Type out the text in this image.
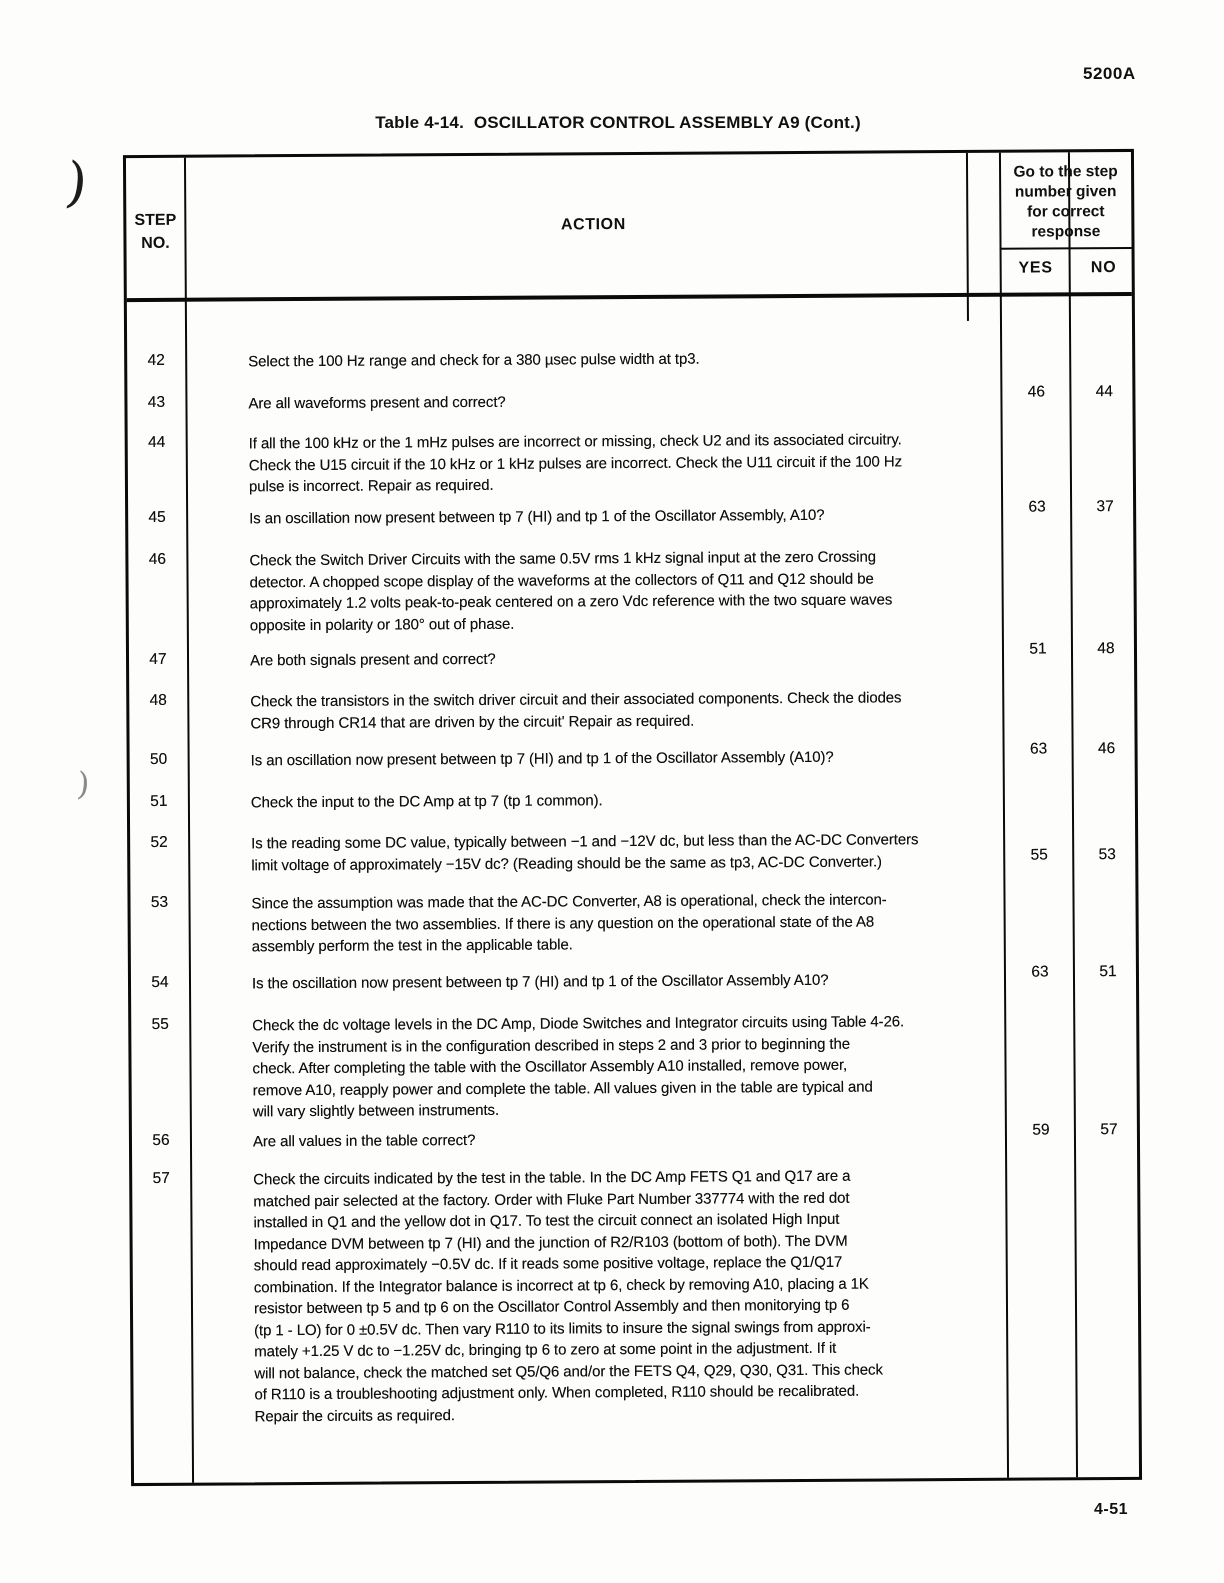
5200A
Table 4-14.  OSCILLATOR CONTROL ASSEMBLY A9 (Cont.)
)
)
STEP
NO.
ACTION
Go to the step
number given
for correct
response
YES	NO
42	Select the 100 Hz range and check for a 380 µsec pulse width at tp3.
43	Are all waveforms present and correct?
46	44
44	If all the 100 kHz or the 1 mHz pulses are incorrect or missing, check U2 and its associated circuitry.
Check the U15 circuit if the 10 kHz or 1 kHz pulses are incorrect. Check the U11 circuit if the 100 Hz
pulse is incorrect. Repair as required.
45	Is an oscillation now present between tp 7 (HI) and tp 1 of the Oscillator Assembly, A10?	63	37
46	Check the Switch Driver Circuits with the same 0.5V rms 1 kHz signal input at the zero Crossing
detector. A chopped scope display of the waveforms at the collectors of Q11 and Q12 should be
approximately 1.2 volts peak-to-peak centered on a zero Vdc reference with the two square waves
opposite in polarity or 180° out of phase.
47	Are both signals present and correct?
51	48
48	Check the transistors in the switch driver circuit and their associated components. Check the diodes
CR9 through CR14 that are driven by the circuit' Repair as required.
50	Is an oscillation now present between tp 7 (HI) and tp 1 of the Oscillator Assembly (A10)?	63	46
51	Check the input to the DC Amp at tp 7 (tp 1 common).
52	Is the reading some DC value, typically between −1 and −12V dc, but less than the AC-DC Converters
limit voltage of approximately −15V dc? (Reading should be the same as tp3, AC-DC Converter.)	55	53
53	Since the assumption was made that the AC-DC Converter, A8 is operational, check the intercon-
nections between the two assemblies. If there is any question on the operational state of the A8
assembly perform the test in the applicable table.
54	Is the oscillation now present between tp 7 (HI) and tp 1 of the Oscillator Assembly A10?	63	51
55	Check the dc voltage levels in the DC Amp, Diode Switches and Integrator circuits using Table 4-26.
Verify the instrument is in the configuration described in steps 2 and 3 prior to beginning the
check. After completing the table with the Oscillator Assembly A10 installed, remove power,
remove A10, reapply power and complete the table. All values given in the table are typical and
will vary slightly between instruments.
56	Are all values in the table correct?
59	57
57	Check the circuits indicated by the test in the table. In the DC Amp FETS Q1 and Q17 are a
matched pair selected at the factory. Order with Fluke Part Number 337774 with the red dot
installed in Q1 and the yellow dot in Q17. To test the circuit connect an isolated High Input
Impedance DVM between tp 7 (HI) and the junction of R2/R103 (bottom of both). The DVM
should read approximately −0.5V dc. If it reads some positive voltage, replace the Q1/Q17
combination. If the Integrator balance is incorrect at tp 6, check by removing A10, placing a 1K
resistor between tp 5 and tp 6 on the Oscillator Control Assembly and then monitorying tp 6
(tp 1 - LO) for 0 ±0.5V dc. Then vary R110 to its limits to insure the signal swings from approxi-
mately +1.25 V dc to −1.25V dc, bringing tp 6 to zero at some point in the adjustment. If it
will not balance, check the matched set Q5/Q6 and/or the FETS Q4, Q29, Q30, Q31. This check
of R110 is a troubleshooting adjustment only. When completed, R110 should be recalibrated.
Repair the circuits as required.
4-51
